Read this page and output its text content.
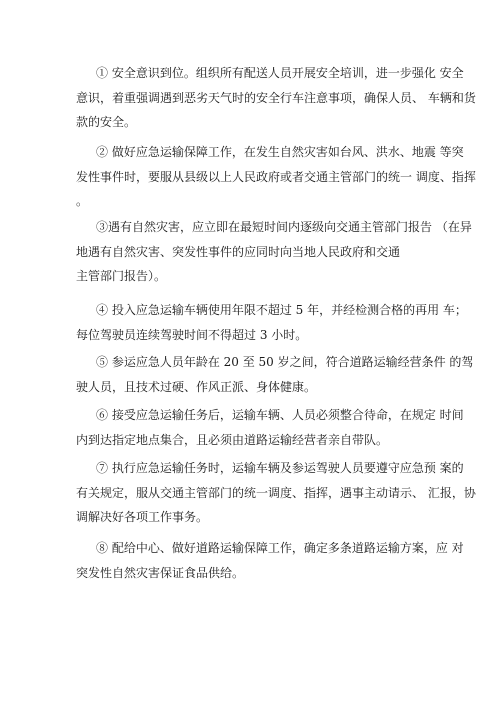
① 安全意识到位。组织所有配送人员开展安全培训，进一步强化 安全
意识，着重强调遇到恶劣天气时的安全行车注意事项，确保人员、 车辆和货
款的安全。

② 做好应急运输保障工作，在发生自然灾害如台风、洪水、地震 等突
发性事件时，要服从县级以上人民政府或者交通主管部门的统一 调度、指挥
。

③遇有自然灾害，应立即在最短时间内逐级向交通主管部门报告 （在异
地遇有自然灾害、突发性事件的应同时向当地人民政府和交通
主管部门报告）。

④ 投入应急运输车辆使用年限不超过 5 年，并经检测合格的再用 车；
每位驾驶员连续驾驶时间不得超过 3 小时。

⑤ 参运应急人员年龄在 20 至 50 岁之间，符合道路运输经营条件 的驾
驶人员，且技术过硬、作风正派、身体健康。

⑥ 接受应急运输任务后，运输车辆、人员必须整合待命，在规定 时间
内到达指定地点集合，且必须由道路运输经营者亲自带队。

⑦ 执行应急运输任务时，运输车辆及参运驾驶人员要遵守应急预 案的
有关规定，服从交通主管部门的统一调度、指挥，遇事主动请示、 汇报，协
调解决好各项工作事务。

⑧ 配给中心、做好道路运输保障工作，确定多条道路运输方案，应 对
突发性自然灾害保证食品供给。
